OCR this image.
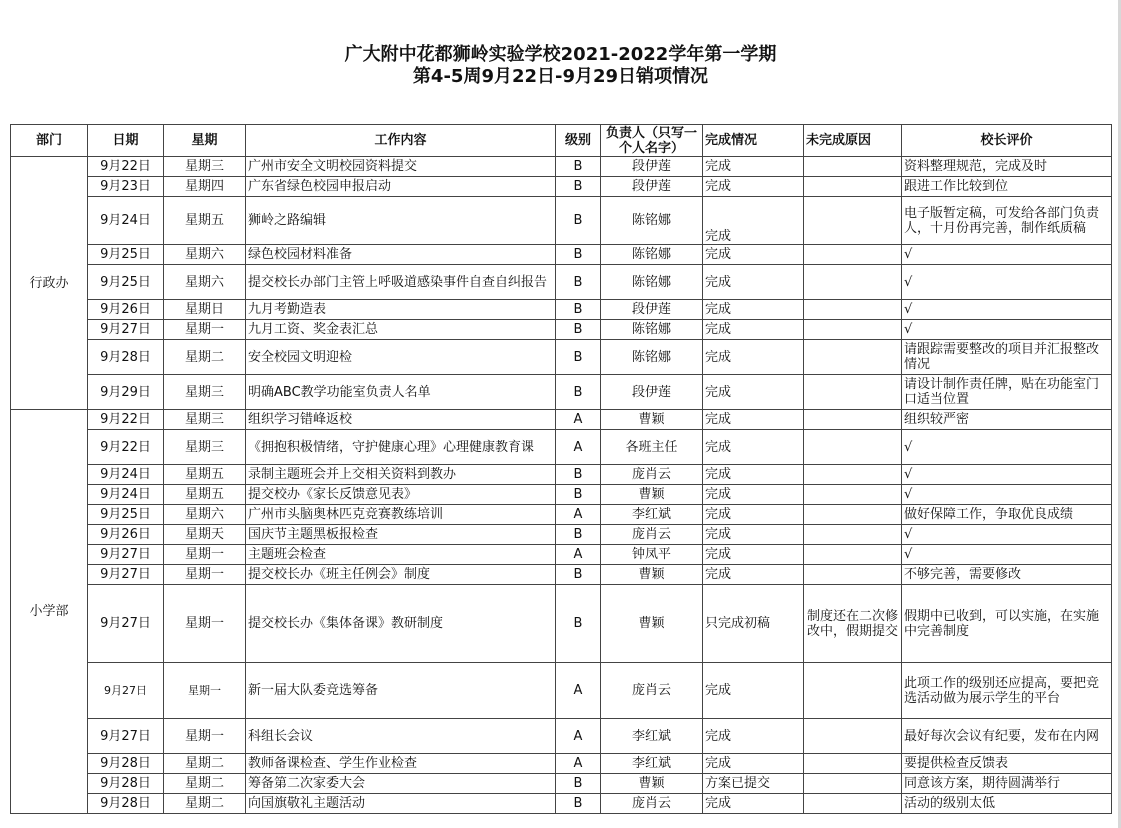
广大附中花都狮岭实验学校2021-2022学年第一学期
第4-5周9月22日-9月29日销项情况
部门	日期	星期	工作内容	级别	负责人（只写一个人名字）	完成情况	未完成原因	校长评价
行政办	9月22日	星期三	广州市安全文明校园资料提交	B	段伊莲	完成		资料整理规范，完成及时
	9月23日	星期四	广东省绿色校园申报启动	B	段伊莲	完成		跟进工作比较到位
	9月24日	星期五	狮岭之路编辑	B	陈铭娜	完成		电子版暂定稿，可发给各部门负责人，十月份再完善，制作纸质稿
	9月25日	星期六	绿色校园材料准备	B	陈铭娜	完成		√
	9月25日	星期六	提交校长办部门主管上呼吸道感染事件自查自纠报告	B	陈铭娜	完成		√
	9月26日	星期日	九月考勤造表	B	段伊莲	完成		√
	9月27日	星期一	九月工资、奖金表汇总	B	陈铭娜	完成		√
	9月28日	星期二	安全校园文明迎检	B	陈铭娜	完成		请跟踪需要整改的项目并汇报整改情况
	9月29日	星期三	明确ABC教学功能室负责人名单	B	段伊莲	完成		请设计制作责任牌，贴在功能室门口适当位置
小学部	9月22日	星期三	组织学习错峰返校	A	曹颖	完成		组织较严密
	9月22日	星期三	《拥抱积极情绪，守护健康心理》心理健康教育课	A	各班主任	完成		√
	9月24日	星期五	录制主题班会并上交相关资料到教办	B	庞肖云	完成		√
	9月24日	星期五	提交校办《家长反馈意见表》	B	曹颖	完成		√
	9月25日	星期六	广州市头脑奥林匹克竞赛教练培训	A	李红斌	完成		做好保障工作，争取优良成绩
	9月26日	星期天	国庆节主题黑板报检查	B	庞肖云	完成		√
	9月27日	星期一	主题班会检查	A	钟凤平	完成		√
	9月27日	星期一	提交校长办《班主任例会》制度	B	曹颖	完成		不够完善，需要修改
	9月27日	星期一	提交校长办《集体备课》教研制度	B	曹颖	只完成初稿	制度还在二次修改中，假期提交	假期中已收到，可以实施，在实施中完善制度
	9月27日	星期一	新一届大队委竞选筹备	A	庞肖云	完成		此项工作的级别还应提高，要把竞选活动做为展示学生的平台
	9月27日	星期一	科组长会议	A	李红斌	完成		最好每次会议有纪要，发布在内网
	9月28日	星期二	教师备课检查、学生作业检查	A	李红斌	完成		要提供检查反馈表
	9月28日	星期二	筹备第二次家委大会	B	曹颖	方案已提交		同意该方案，期待圆满举行
	9月28日	星期二	向国旗敬礼主题活动	B	庞肖云	完成		活动的级别太低
